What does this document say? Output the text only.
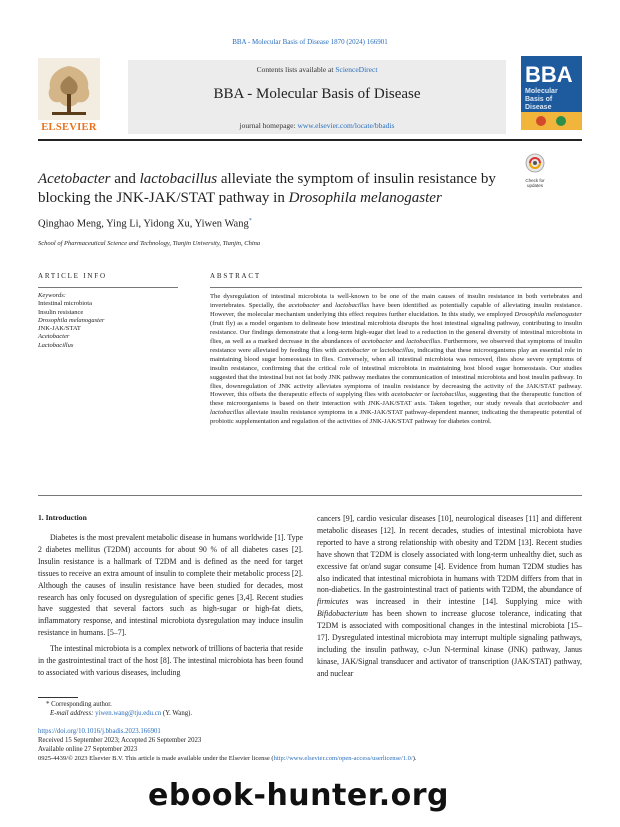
BBA - Molecular Basis of Disease 1870 (2024) 166901
Contents lists available at ScienceDirect
BBA - Molecular Basis of Disease
journal homepage: www.elsevier.com/locate/bbadis
ELSEVIER
BBA
Molecular
Basis of
Disease
Acetobacter and lactobacillus alleviate the symptom of insulin resistance by blocking the JNK-JAK/STAT pathway in Drosophila melanogaster
Check for
updates
Qinghao Meng, Ying Li, Yidong Xu, Yiwen Wang*
School of Pharmaceutical Science and Technology, Tianjin University, Tianjin, China
ARTICLE INFO	ABSTRACT
Keywords:
Intestinal microbiota
Insulin resistance
Drosophila melanogaster
JNK-JAK/STAT
Acetobacter
Lactobacillus
The dysregulation of intestinal microbiota is well-known to be one of the main causes of insulin resistance in both vertebrates and invertebrates. Specially, the acetobacter and lactobacillus have been identified as potentially capable of alleviating insulin resistance. However, the molecular mechanism underlying this effect requires further elucidation. In this study, we employed Drosophila melanogaster (fruit fly) as a model organism to delineate how intestinal microbiota disrupts the host intestinal signaling pathway, contributing to insulin resistance. Our findings demonstrate that a long-term high-sugar diet lead to a reduction in the general diversity of intestinal microbiota in flies, as well as a marked decrease in the abundances of acetobacter and lactobacillus. Furthermore, we observed that symptoms of insulin resistance were alleviated by feeding flies with acetobacter or lactobacillus, indicating that these microorganisms play an essential role in maintaining blood sugar homeostasis in flies. Conversely, when all intestinal microbiota was removed, flies show severe symptoms of insulin resistance, confirming that the critical role of intestinal microbiota in maintaining host blood sugar homeostasis. Our studies suggested that the intestinal but not fat body JNK pathway mediates the communication of intestinal microbiota and host insulin pathway. In flies, downregulation of JNK activity alleviates symptoms of insulin resistance by decreasing the activity of the JAK/STAT pathway. However, this offsets the therapeutic effects of supplying flies with acetobacter or lactobacillus, suggesting that the therapeutic function of these microorganisms is based on their interaction with JNK-JAK/STAT axis. Taken together, our study reveals that acetobacter and lactobacillus alleviate insulin resistance symptoms in a JNK-JAK/STAT pathway-dependent manner, indicating the therapeutic potential of probiotic supplementation and regulation of the activities of JNK-JAK/STAT pathway for diabetes control.
1. Introduction

Diabetes is the most prevalent metabolic disease in humans worldwide [1]. Type 2 diabetes mellitus (T2DM) accounts for about 90 % of all diabetes cases [2]. Insulin resistance is a hallmark of T2DM and is defined as the need for target tissues to receive an extra amount of insulin to complete their metabolic process [2]. Although the causes of insulin resistance have been studied for decades, most research has only focused on dysregulation of specific genes [3,4]. Recent studies have suggested that several factors such as high-sugar or high-fat diets, inflammatory response, and intestinal microbiota dysregulation may induce insulin resistance in humans. [5–7].

The intestinal microbiota is a complex network of trillions of bacteria that reside in the gastrointestinal tract of the host [8]. The intestinal microbiota has been found to associated with various diseases, including

cancers [9], cardio vesicular diseases [10], neurological diseases [11] and different metabolic diseases [12]. In recent decades, studies of intestinal microbiota have reported to have a strong relationship with obesity and T2DM [13]. Recent studies have shown that T2DM is closely associated with long-term unhealthy diet, such as excessive fat or/and sugar consume [4]. Evidence from human T2DM studies has also indicated that intestinal microbiota in humans with T2DM differs from that in non-diabetics. In the gastrointestinal tract of patients with T2DM, the abundance of firmicutes was increased in their intestine [14]. Supplying mice with Bifidobacterium has been shown to increase glucose tolerance, indicating that T2DM is associated with compositional changes in the intestinal microbiota [15–17]. Dysregulated intestinal microbiota may interrupt multiple signaling pathways, including the insulin pathway, c-Jun N-terminal kinase (JNK) pathway, Janus kinase, JAK/Signal transducer and activator of transcription (JAK/STAT) pathway, and nuclear
* Corresponding author.
E-mail address: yiwen.wang@tju.edu.cn (Y. Wang).
https://doi.org/10.1016/j.bbadis.2023.166901
Received 15 September 2023; Accepted 26 September 2023
Available online 27 September 2023
0925-4439/© 2023 Elsevier B.V. This article is made available under the Elsevier license (http://www.elsevier.com/open-access/userlicense/1.0/).
ebook-hunter.org
